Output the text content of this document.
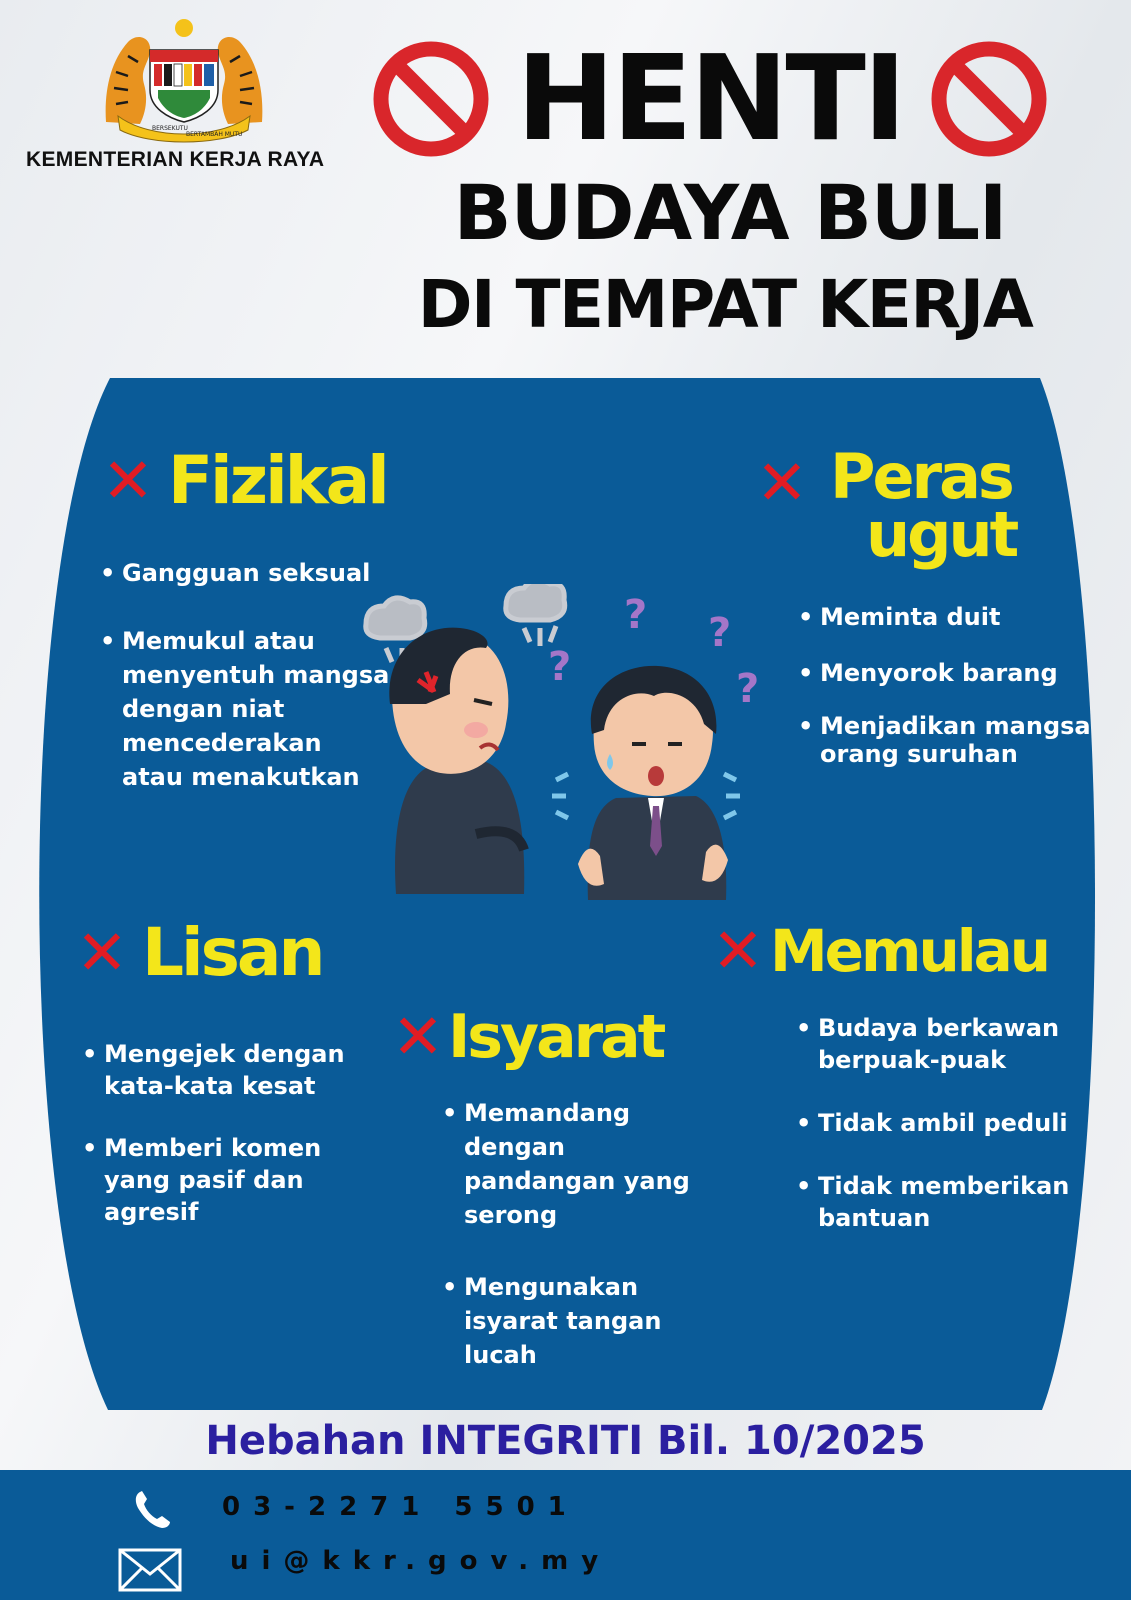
BERSEKUTU
BERTAMBAH MUTU
KEMENTERIAN KERJA RAYA HENTI
BUDAYA BULI
DI TEMPAT KERJA
✕ Fizikal
• Gangguan seksual
• Memukul atau menyentuh mangsa dengan niat mencederakan atau menakutkan
✕ Peras
ugut
• Meminta duit
• Menyorok barang
• Menjadikan mangsa orang suruhan
?
? ?
?
✕ Lisan
• Mengejek dengan kata-kata kesat
• Memberi komen yang pasif dan agresif
✕ Isyarat
• Memandang dengan pandangan yang serong
• Mengunakan isyarat tangan lucah
✕ Memulau
• Budaya berkawan berpuak-puak
• Tidak ambil peduli
• Tidak memberikan bantuan
Hebahan INTEGRITI Bil. 10/2025
03-2271 5501
ui@kkr.gov.my
